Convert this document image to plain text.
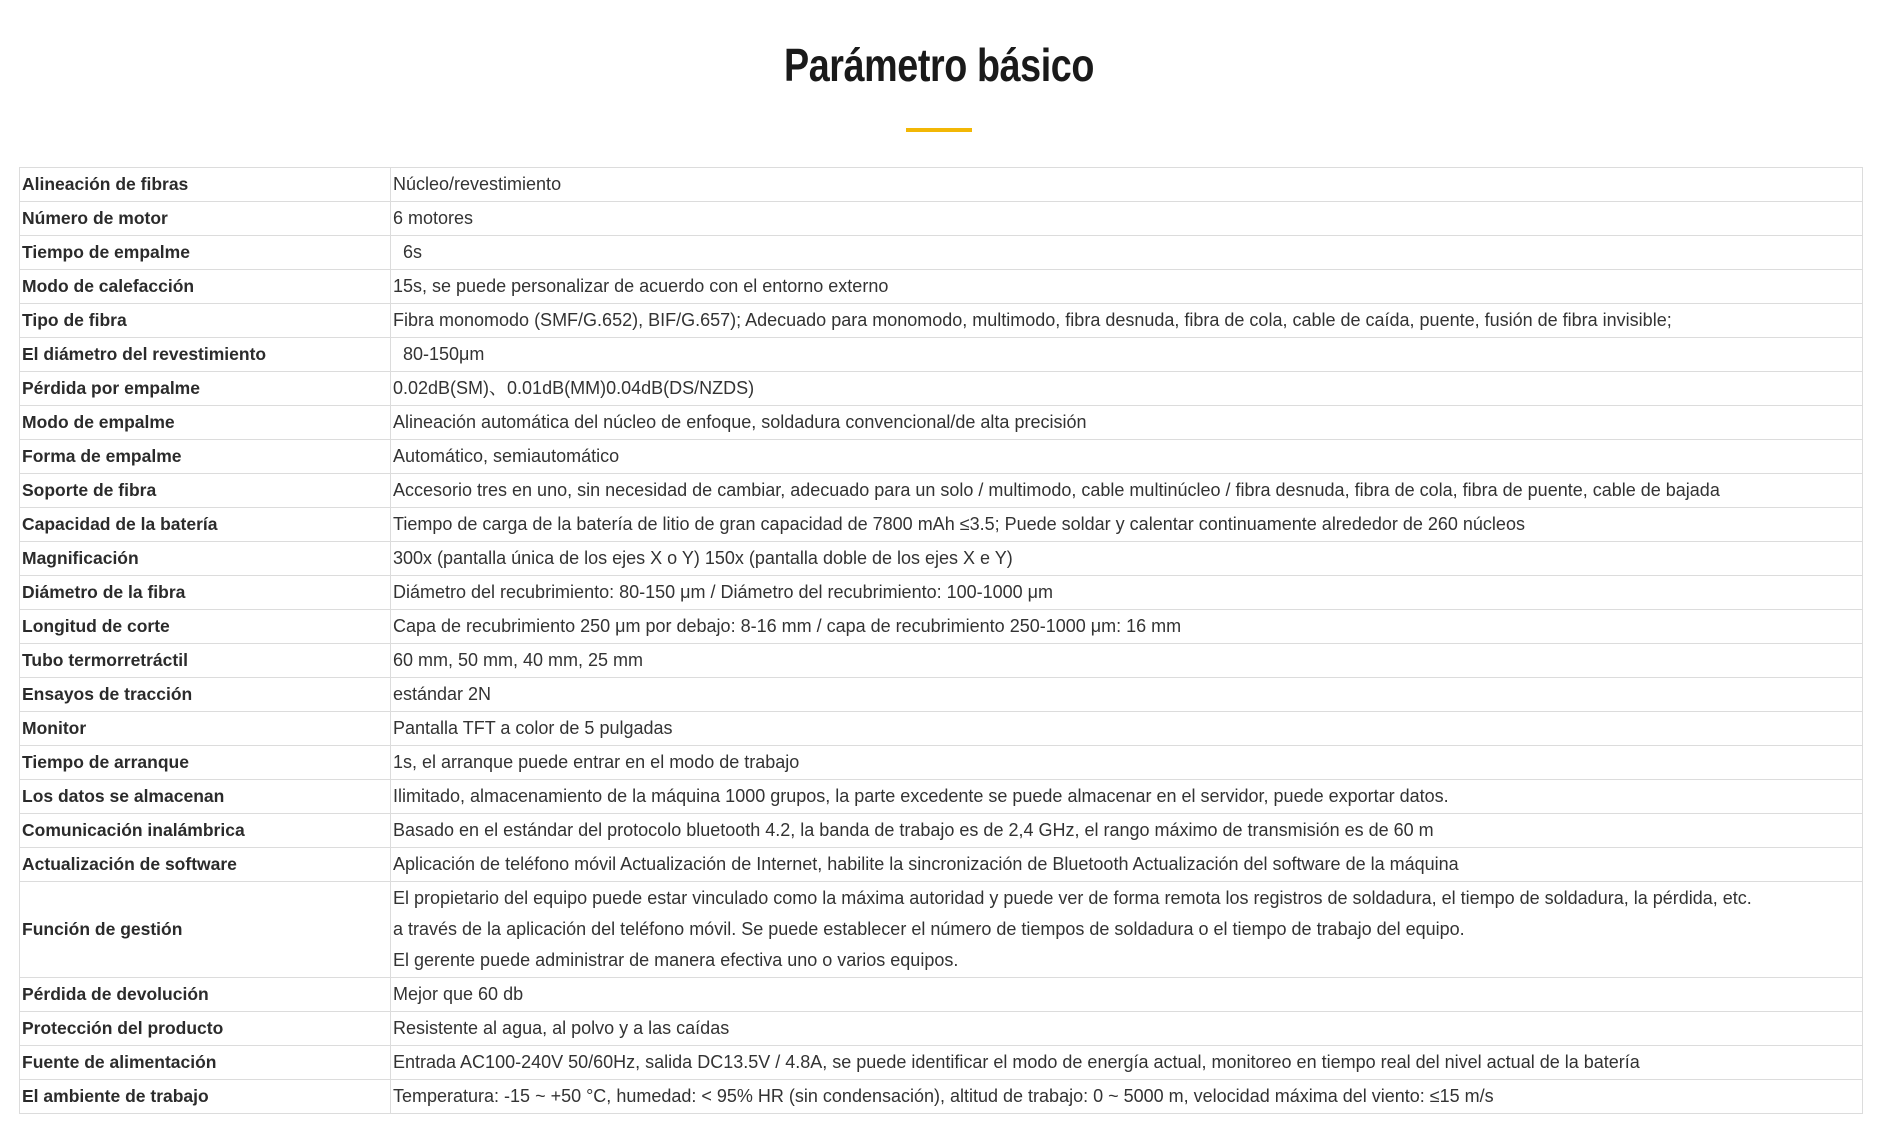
Parámetro básico
Alineación de fibras	Núcleo/revestimiento
Número de motor	6 motores
Tiempo de empalme	6s
Modo de calefacción	15s, se puede personalizar de acuerdo con el entorno externo
Tipo de fibra	Fibra monomodo (SMF/G.652), BIF/G.657); Adecuado para monomodo, multimodo, fibra desnuda, fibra de cola, cable de caída, puente, fusión de fibra invisible;
El diámetro del revestimiento	80-150μm
Pérdida por empalme	0.02dB(SM)、0.01dB(MM)0.04dB(DS/NZDS)
Modo de empalme	Alineación automática del núcleo de enfoque, soldadura convencional/de alta precisión
Forma de empalme	Automático, semiautomático
Soporte de fibra	Accesorio tres en uno, sin necesidad de cambiar, adecuado para un solo / multimodo, cable multinúcleo / fibra desnuda, fibra de cola, fibra de puente, cable de bajada
Capacidad de la batería	Tiempo de carga de la batería de litio de gran capacidad de 7800 mAh ≤3.5; Puede soldar y calentar continuamente alrededor de 260 núcleos
Magnificación	300x (pantalla única de los ejes X o Y) 150x (pantalla doble de los ejes X e Y)
Diámetro de la fibra	Diámetro del recubrimiento: 80-150 μm / Diámetro del recubrimiento: 100-1000 μm
Longitud de corte	Capa de recubrimiento 250 μm por debajo: 8-16 mm / capa de recubrimiento 250-1000 μm: 16 mm
Tubo termorretráctil	60 mm, 50 mm, 40 mm, 25 mm
Ensayos de tracción	estándar 2N
Monitor	Pantalla TFT a color de 5 pulgadas
Tiempo de arranque	1s, el arranque puede entrar en el modo de trabajo
Los datos se almacenan	Ilimitado, almacenamiento de la máquina 1000 grupos, la parte excedente se puede almacenar en el servidor, puede exportar datos.
Comunicación inalámbrica	Basado en el estándar del protocolo bluetooth 4.2, la banda de trabajo es de 2,4 GHz, el rango máximo de transmisión es de 60 m
Actualización de software	Aplicación de teléfono móvil Actualización de Internet, habilite la sincronización de Bluetooth Actualización del software de la máquina
Función de gestión	El propietario del equipo puede estar vinculado como la máxima autoridad y puede ver de forma remota los registros de soldadura, el tiempo de soldadura, la pérdida, etc.
a través de la aplicación del teléfono móvil. Se puede establecer el número de tiempos de soldadura o el tiempo de trabajo del equipo.
El gerente puede administrar de manera efectiva uno o varios equipos.

Pérdida de devolución	Mejor que 60 db
Protección del producto	Resistente al agua, al polvo y a las caídas
Fuente de alimentación	Entrada AC100-240V 50/60Hz, salida DC13.5V / 4.8A, se puede identificar el modo de energía actual, monitoreo en tiempo real del nivel actual de la batería
El ambiente de trabajo	Temperatura: -15 ~ +50 °C, humedad: < 95% HR (sin condensación), altitud de trabajo: 0 ~ 5000 m, velocidad máxima del viento: ≤15 m/s
